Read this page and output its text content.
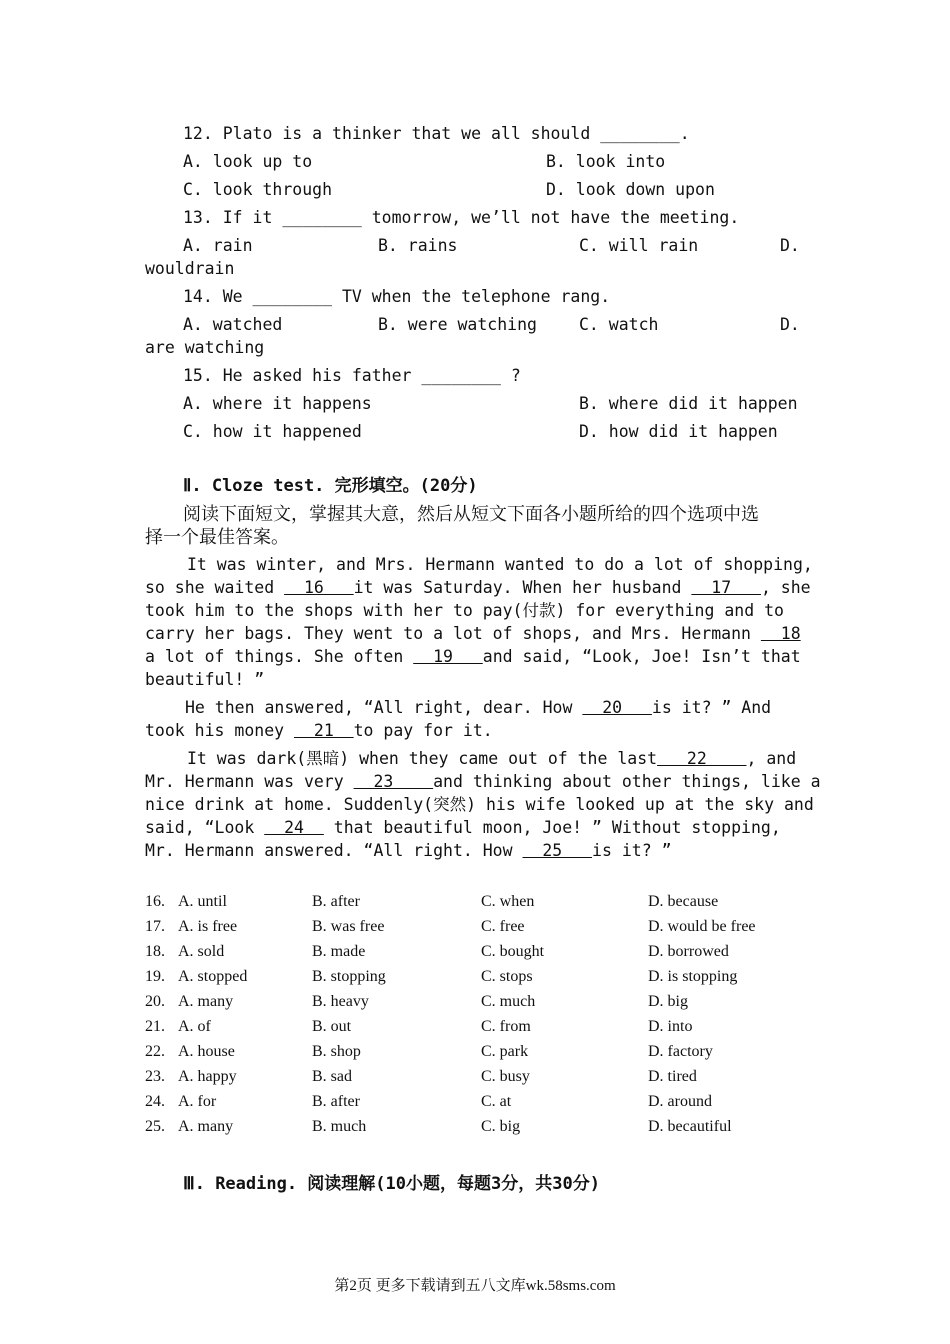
12. Plato is a thinker that we all should ________.
A. look up to	B. look into
C. look through	D. look down upon
13. If it ________ tomorrow, we’ll not have the meeting.
A. rain	B. rains	C. will rain	D.
wouldrain
14. We ________ TV when the telephone rang.
A. watched	B. were watching	C. watch	D.
are watching
15. He asked his father ________ ?
A. where it happens	B. where did it happen
C. how it happened	D. how did it happen
Ⅱ. Cloze test. 完形填空。(20分)
阅读下面短文，掌握其大意，然后从短文下面各小题所给的四个选项中选
择一个最佳答案。
It was winter, and Mrs. Hermann wanted to do a lot of shopping,
so she waited   16   it was Saturday. When her husband   17   , she
took him to the shops with her to pay(付款) for everything and to
carry her bags. They went to a lot of shops, and Mrs. Hermann   18
a lot of things. She often   19   and said, “Look, Joe! Isn’t that
beautiful! ”
He then answered, “All right, dear. How   20   is it? ” And
took his money   21  to pay for it.
It was dark(黑暗) when they came out of the last   22    , and
Mr. Hermann was very   23    and thinking about other things, like a
nice drink at home. Suddenly(突然) his wife looked up at the sky and
said, “Look   24   that beautiful moon, Joe! ” Without stopping,
Mr. Hermann answered. “All right. How   25   is it? ”
16. A. until	B. after	C. when	D. because
17. A. is free	B. was free	C. free	D. would be free
18. A. sold	B. made	C. bought	D. borrowed
19. A. stopped	B. stopping	C. stops	D. is stopping
20. A. many	B. heavy	C. much	D. big
21. A. of	B. out	C. from	D. into
22. A. house	B. shop	C. park	D. factory
23. A. happy	B. sad	C. busy	D. tired
24. A. for	B. after	C. at	D. around
25. A. many	B. much	C. big	D. becautiful
Ⅲ. Reading. 阅读理解(10小题，每题3分，共30分)
第2页 更多下载请到五八文库wk.58sms.com
